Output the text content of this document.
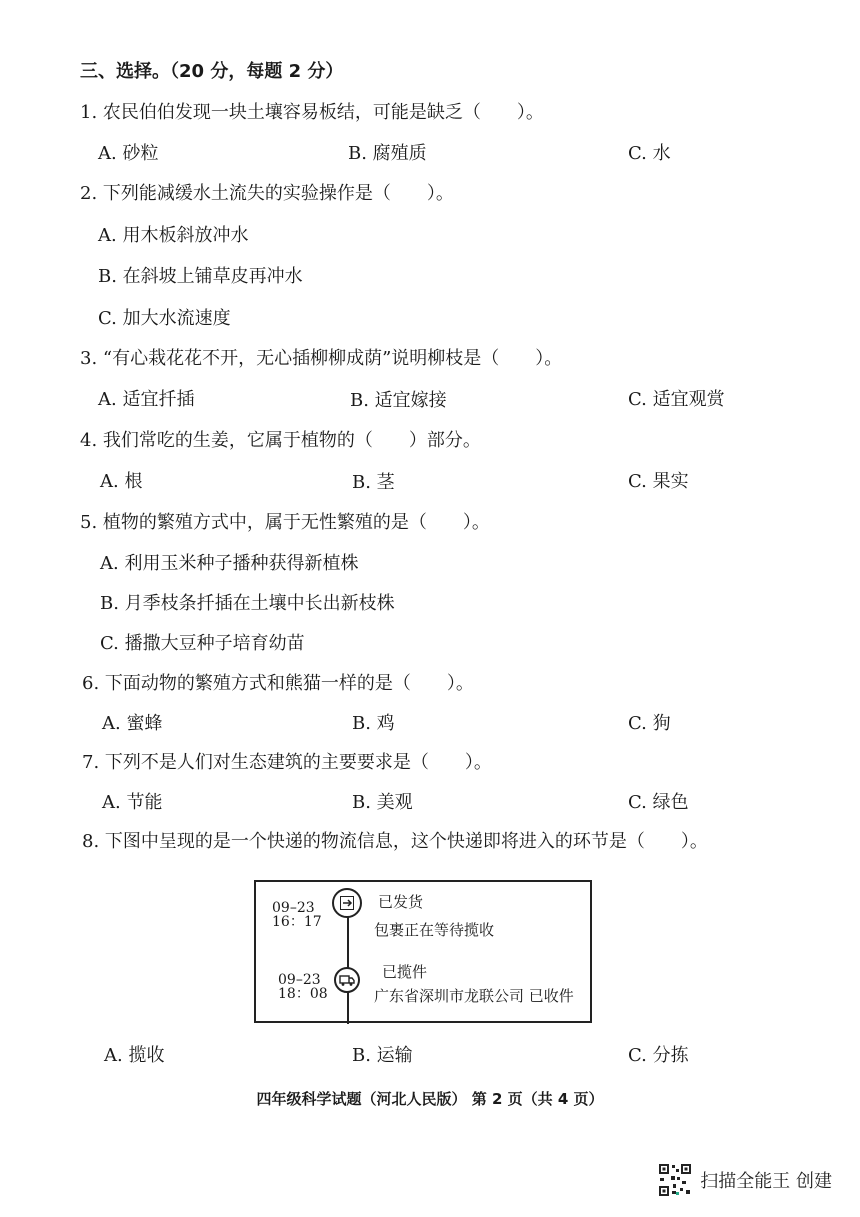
三、选择。（20 分，每题 2 分）
1. 农民伯伯发现一块土壤容易板结，可能是缺乏（　　）。
A. 砂粒	B. 腐殖质	C. 水
2. 下列能减缓水土流失的实验操作是（　　）。
A. 用木板斜放冲水
B. 在斜坡上铺草皮再冲水
C. 加大水流速度
3. “有心栽花花不开，无心插柳柳成荫”说明柳枝是（　　）。
A. 适宜扦插	B. 适宜嫁接	C. 适宜观赏
4. 我们常吃的生姜，它属于植物的（　　）部分。
A. 根	B. 茎	C. 果实
5. 植物的繁殖方式中，属于无性繁殖的是（　　）。
A. 利用玉米种子播种获得新植株
B. 月季枝条扦插在土壤中长出新枝株
C. 播撒大豆种子培育幼苗
6. 下面动物的繁殖方式和熊猫一样的是（　　）。
A. 蜜蜂	B. 鸡	C. 狗
7. 下列不是人们对生态建筑的主要要求是（　　）。
A. 节能	B. 美观	C. 绿色
8. 下图中呈现的是一个快递的物流信息，这个快递即将进入的环节是（　　）。
09–23
16：17
已发货
包裹正在等待揽收
09–23
18：08
已揽件
广东省深圳市龙联公司 已收件
A. 揽收	B. 运输	C. 分拣
四年级科学试题（河北人民版） 第 2 页（共 4 页）
扫描全能王 创建
